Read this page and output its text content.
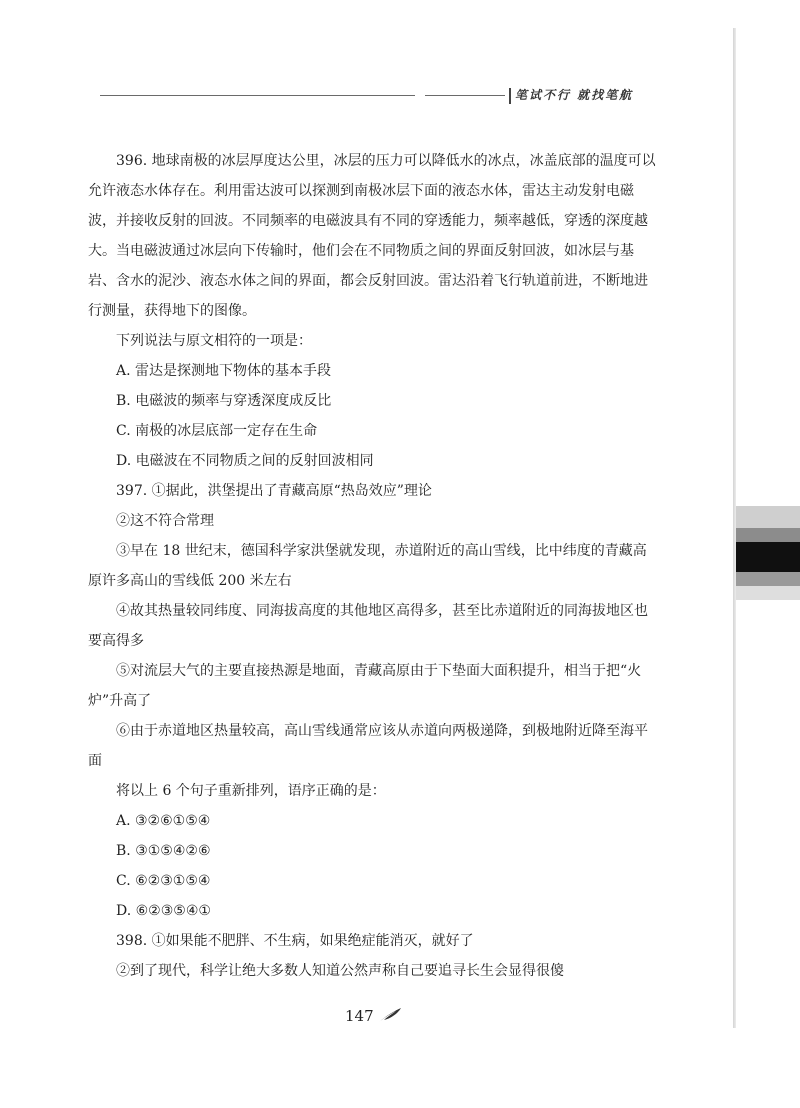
笔试不行 就找笔航

396. 地球南极的冰层厚度达公里，冰层的压力可以降低水的冰点，冰盖底部的温度可以允许液态水体存在。利用雷达波可以探测到南极冰层下面的液态水体，雷达主动发射电磁波，并接收反射的回波。不同频率的电磁波具有不同的穿透能力，频率越低，穿透的深度越大。当电磁波通过冰层向下传输时，他们会在不同物质之间的界面反射回波，如冰层与基岩、含水的泥沙、液态水体之间的界面，都会反射回波。雷达沿着飞行轨道前进，不断地进行测量，获得地下的图像。

下列说法与原文相符的一项是：

A. 雷达是探测地下物体的基本手段

B. 电磁波的频率与穿透深度成反比

C. 南极的冰层底部一定存在生命

D. 电磁波在不同物质之间的反射回波相同

397. ①据此，洪堡提出了青藏高原“热岛效应”理论

②这不符合常理

③早在 18 世纪末，德国科学家洪堡就发现，赤道附近的高山雪线，比中纬度的青藏高原许多高山的雪线低 200 米左右

④故其热量较同纬度、同海拔高度的其他地区高得多，甚至比赤道附近的同海拔地区也要高得多

⑤对流层大气的主要直接热源是地面，青藏高原由于下垫面大面积提升，相当于把“火炉”升高了

⑥由于赤道地区热量较高，高山雪线通常应该从赤道向两极递降，到极地附近降至海平面

将以上 6 个句子重新排列，语序正确的是：

A. ③②⑥①⑤④

B. ③①⑤④②⑥

C. ⑥②③①⑤④

D. ⑥②③⑤④①

398. ①如果能不肥胖、不生病，如果绝症能消灭，就好了

②到了现代，科学让绝大多数人知道公然声称自己要追寻长生会显得很傻

147
